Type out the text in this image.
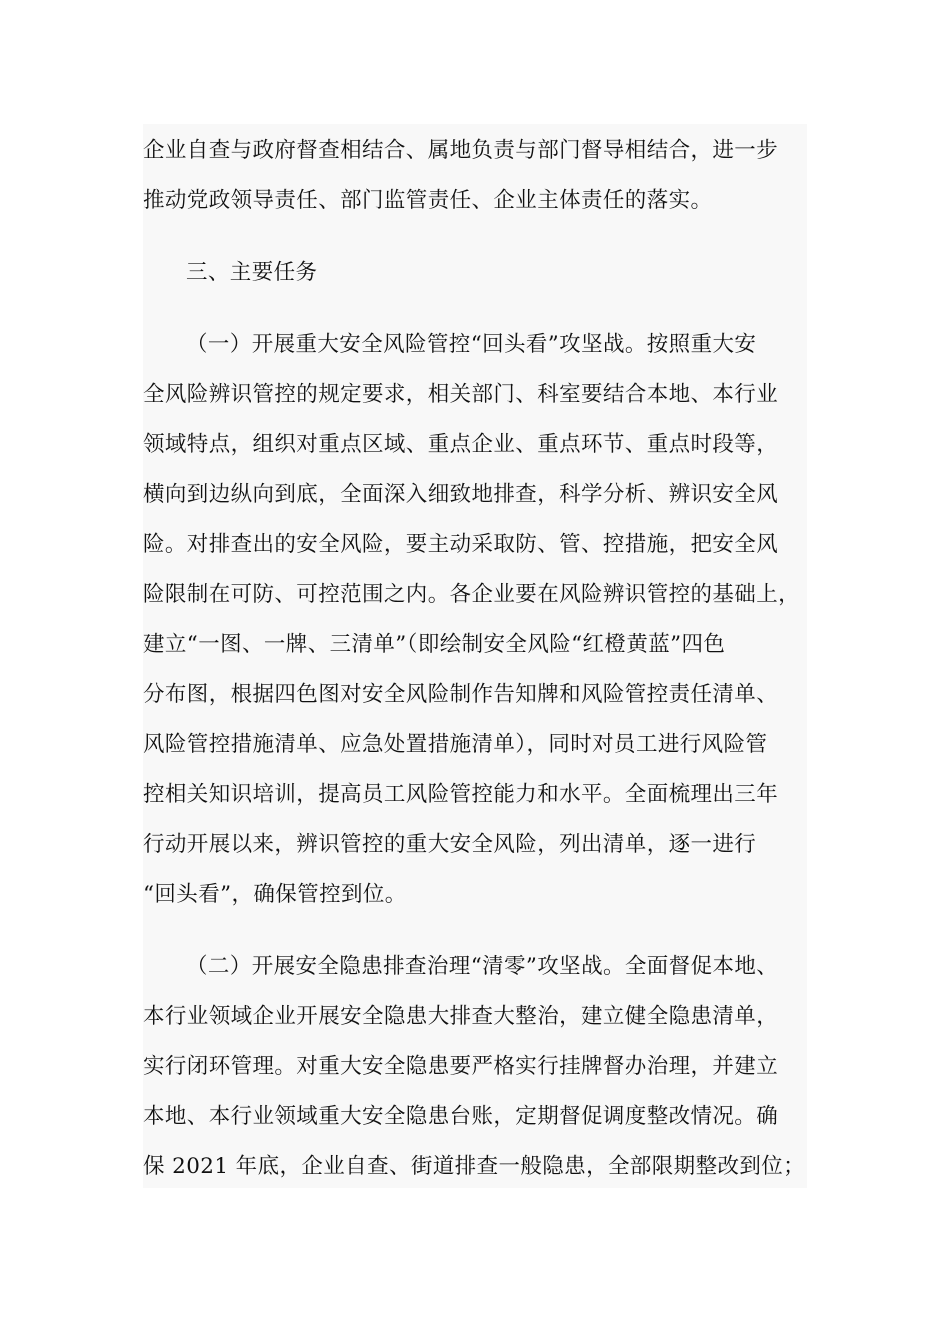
企业自查与政府督查相结合、属地负责与部门督导相结合，进一步
推动党政领导责任、部门监管责任、企业主体责任的落实。
三、主要任务
（一）开展重大安全风险管控“回头看”攻坚战。按照重大安
全风险辨识管控的规定要求，相关部门、科室要结合本地、本行业
领域特点，组织对重点区域、重点企业、重点环节、重点时段等，
横向到边纵向到底，全面深入细致地排查，科学分析、辨识安全风
险。对排查出的安全风险，要主动采取防、管、控措施，把安全风
险限制在可防、可控范围之内。各企业要在风险辨识管控的基础上，
建立“一图、一牌、三清单”（即绘制安全风险“红橙黄蓝”四色
分布图，根据四色图对安全风险制作告知牌和风险管控责任清单、
风险管控措施清单、应急处置措施清单），同时对员工进行风险管
控相关知识培训，提高员工风险管控能力和水平。全面梳理出三年
行动开展以来，辨识管控的重大安全风险，列出清单，逐一进行
“回头看”，确保管控到位。
（二）开展安全隐患排查治理“清零”攻坚战。全面督促本地、
本行业领域企业开展安全隐患大排查大整治，建立健全隐患清单，
实行闭环管理。对重大安全隐患要严格实行挂牌督办治理，并建立
本地、本行业领域重大安全隐患台账，定期督促调度整改情况。确
保 2021 年底，企业自查、街道排查一般隐患，全部限期整改到位；
